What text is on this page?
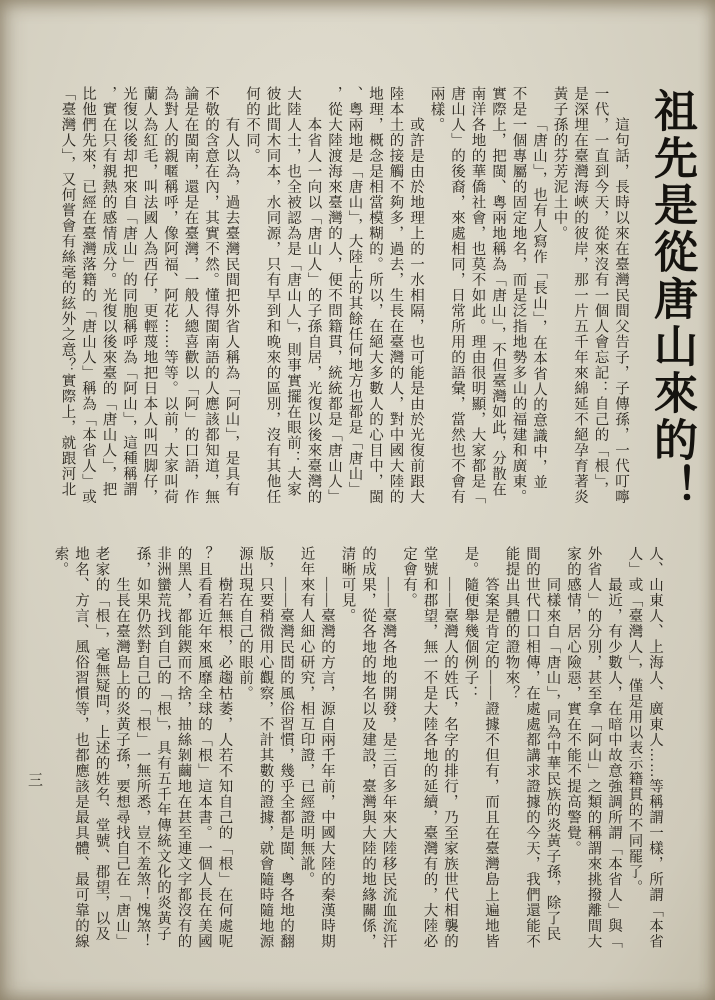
祖先是從唐山來的！
這句話，長時以來在臺灣民間父告子，子傳孫，一代叮嚀
一代，一直到今天，從來沒有一個人會忘記：自己的「根」，
是深埋在臺灣海峽的彼岸，那一片五千年來綿延不絕孕育著炎
黃子孫的芬芳泥土中。
「唐山」，也有人寫作「長山」，在本省人的意識中，並
不是一個專屬的固定地名，而是泛指地勢多山的福建和廣東。
實際上，把閩、粵兩地稱為「唐山」，不但臺灣如此，分散在
南洋各地的華僑社會，也莫不如此。理由很明顯，大家都是「
唐山人」的後裔，來處相同，日常所用的語彙，當然也不會有
兩樣。
或許是由於地理上的一水相隔，也可能是由於光復前跟大
陸本土的接觸不夠多，過去，生長在臺灣的人，對中國大陸的
地理，概念是相當模糊的。所以，在絕大多數人的心目中，閩
、粵兩地是「唐山」，大陸上的其餘任何地方也都是「唐山」
，從大陸渡海來臺灣的人，便不問籍貫，統統都是「唐山人」
本省人一向以「唐山人」的子孫自居，光復以後來臺灣的
大陸人士，也全被認為是「唐山人」，則事實擺在眼前：大家
彼此間木同本，水同源，只有早到和晚來的區別，沒有其他任
何的不同。
有人以為，過去臺灣民間把外省人稱為「阿山」，是具有
不敬的含意在內，其實不然。懂得閩南語的人應該都知道，無
論是在閩南，還是在臺灣，一般人總喜歡以「阿」的口語，作
為對人的親暱稱呼，像阿福、阿花……等等。以前，大家叫荷
蘭人為紅毛，叫法國人為西仔，更輕蔑地把日本人叫四脚仔，
光復以後却把來自「唐山」的同胞稱呼為「阿山」，這種稱謂
，實在只有親熱的感情成分。光復以後來臺的「唐山人」，把
比他們先來，已經在臺灣落籍的「唐山人」稱為「本省人」或
「臺灣人」，又何嘗會有絲毫的絃外之意？實際上，就跟河北
人、山東人、上海人、廣東人……等稱謂一樣，所謂「本省
人」或「臺灣人」，僅是用以表示籍貫的不同罷了。
最近，有少數人，在暗中故意強調所謂「本省人」與「
外省人」的分別，甚至拿「阿山」之類的稱謂來挑撥離間大
家的感情，居心險惡，實在不能不提高警覺。
同樣來自「唐山」，同為中華民族的炎黃子孫，除了民
間的世代口口相傳，在處處都講求證據的今天，我們還能不
能提出具體的證物來？
答案是肯定的——證據不但有，而且在臺灣島上遍地皆
是。隨便舉幾個例子：
——臺灣人的姓氏，名字的排行，乃至家族世代相襲的
堂號和郡望，無一不是大陸各地的延續，臺灣有的，大陸必
定會有。
——臺灣各地的開發，是三百多年來大陸移民流血流汗
的成果，從各地的地名以及建設，臺灣與大陸的地緣關係，
清晰可見。
——臺灣的方言，源自兩千年前，中國大陸的秦漢時期
近年來有人細心研究，相互印證，已經證明無訛。
——臺灣民間的風俗習慣，幾乎全都是閩、粵各地的翻
版，只要稍微用心觀察，不計其數的證據，就會隨時隨地源
源出現在自己的眼前。
樹若無根，必趨枯萎，人若不知自己的「根」在何處呢
？且看看近年來風靡全球的「根」這本書。一個人長在美國
的黑人，都能鍥而不捨，抽絲剝繭地在甚至連文字都沒有的
非洲蠻荒找到自己的「根」，具有五千年傳統文化的炎黃子
孫，如果仍然對自己的「根」一無所悉，豈不羞煞！愧煞！
生長在臺灣島上的炎黃子孫，要想尋找自己在「唐山」
老家的「根」，毫無疑問，上述的姓名、堂號、郡望，以及
地名、方言、風俗習慣等，也都應該是最具體、最可靠的線
索。
三
